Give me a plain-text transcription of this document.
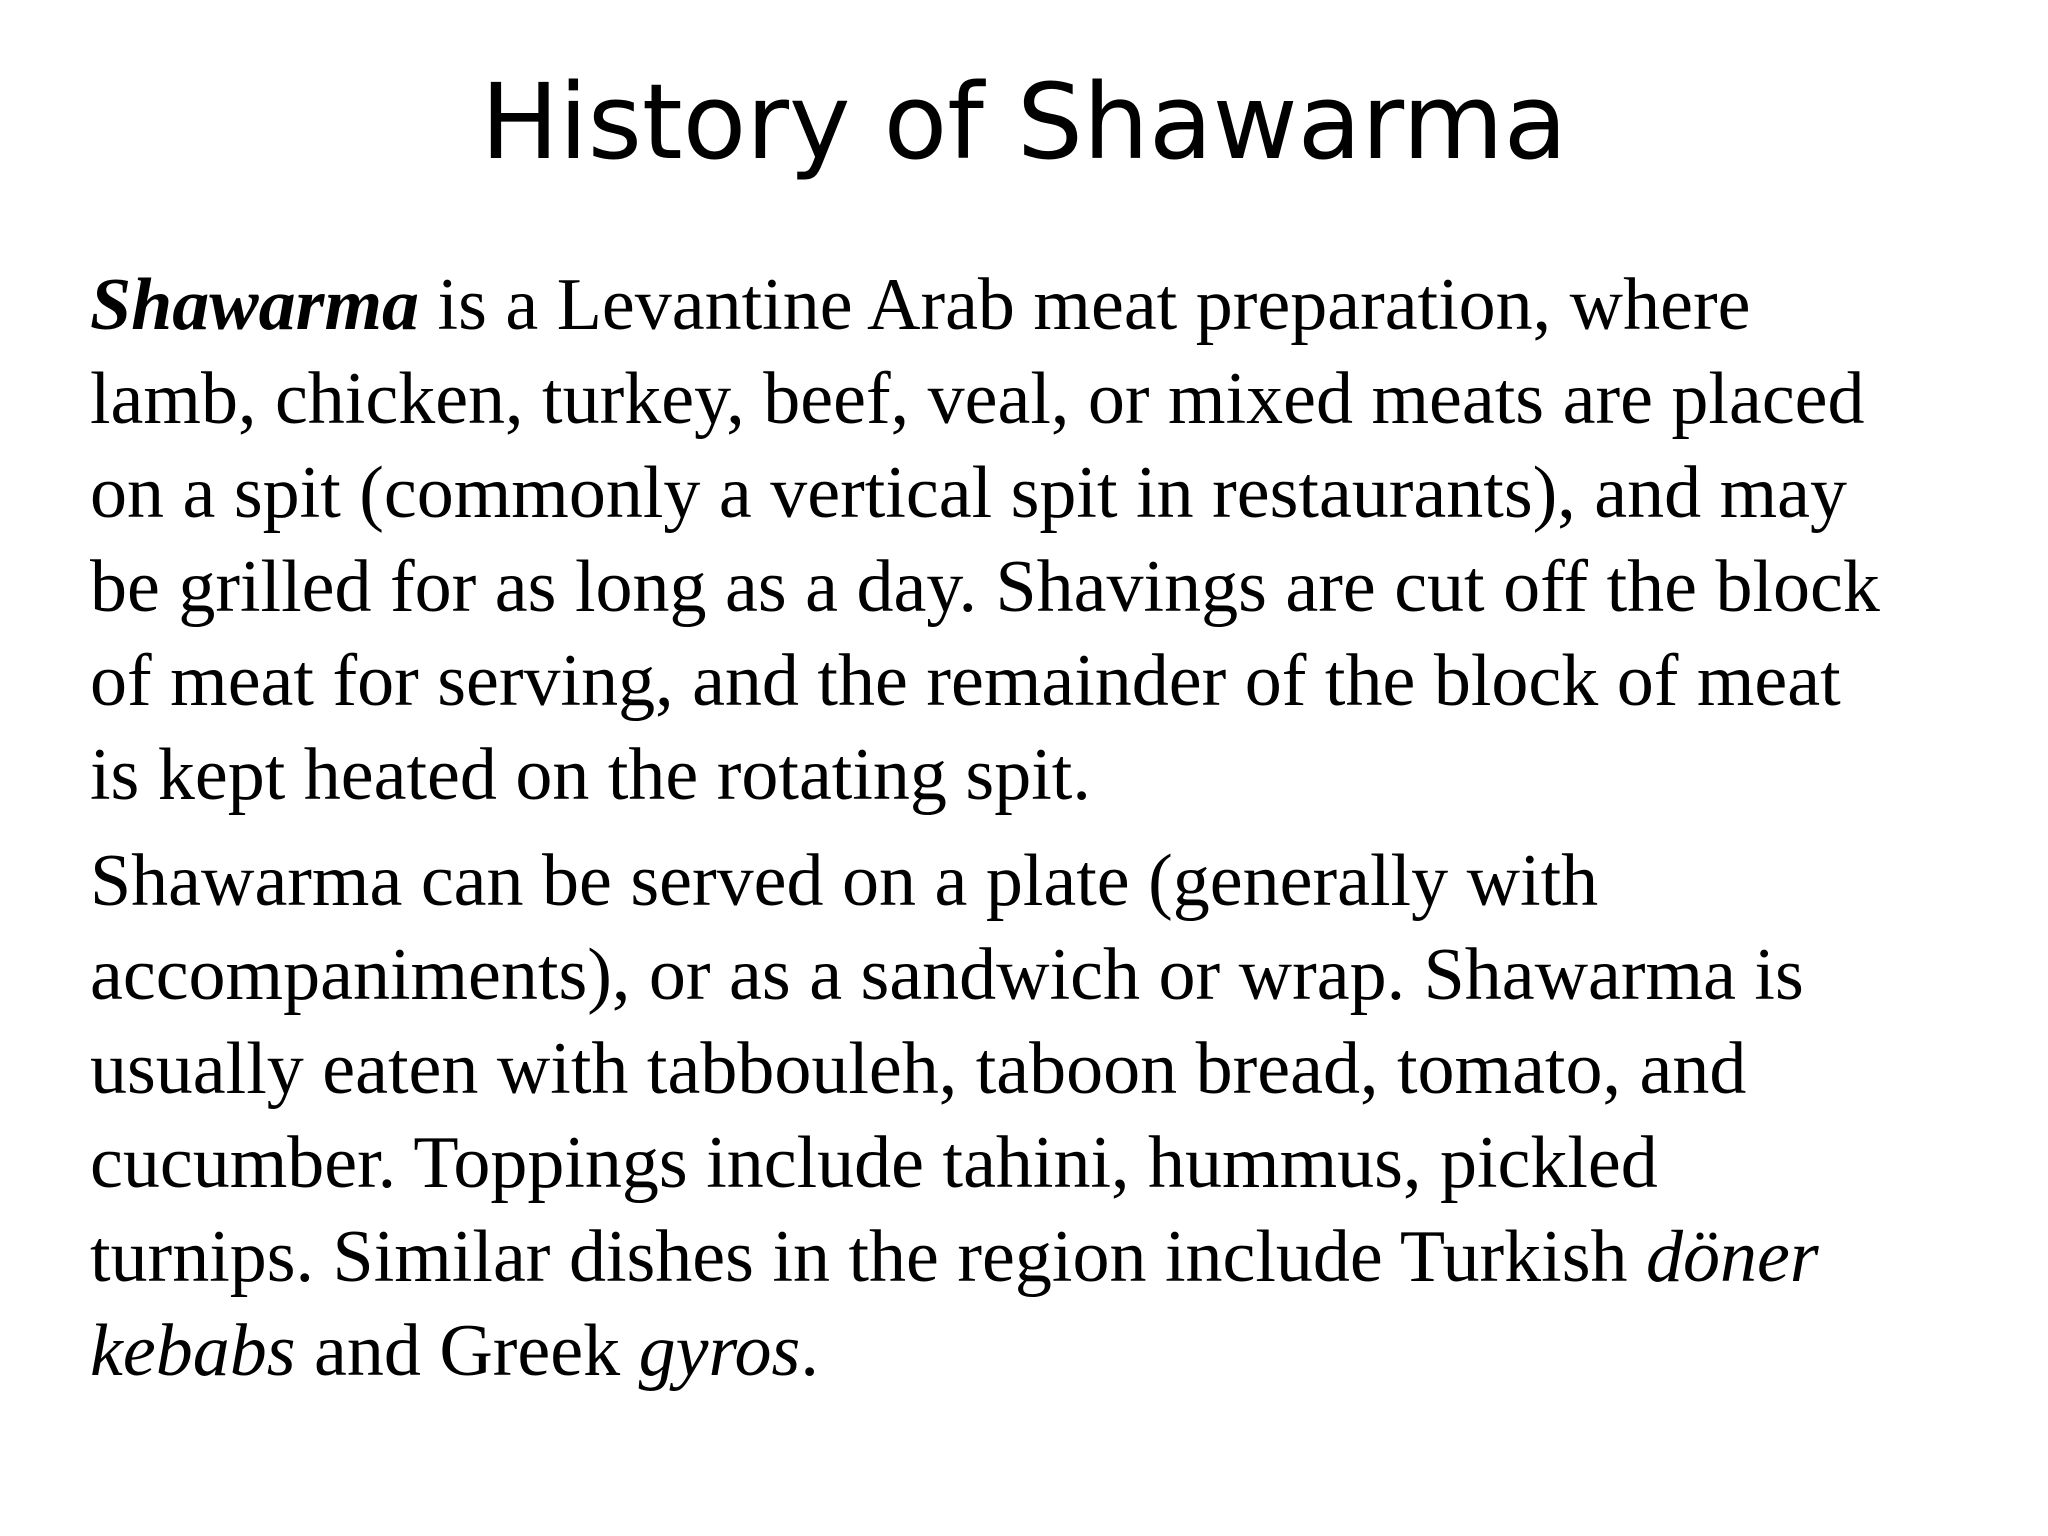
History of Shawarma

Shawarma is a Levantine Arab meat preparation, where
lamb, chicken, turkey, beef, veal, or mixed meats are placed
on a spit (commonly a vertical spit in restaurants), and may
be grilled for as long as a day. Shavings are cut off the block
of meat for serving, and the remainder of the block of meat
is kept heated on the rotating spit.

Shawarma can be served on a plate (generally with
accompaniments), or as a sandwich or wrap. Shawarma is
usually eaten with tabbouleh, taboon bread, tomato, and
cucumber. Toppings include tahini, hummus, pickled
turnips. Similar dishes in the region include Turkish döner
kebabs and Greek gyros.
